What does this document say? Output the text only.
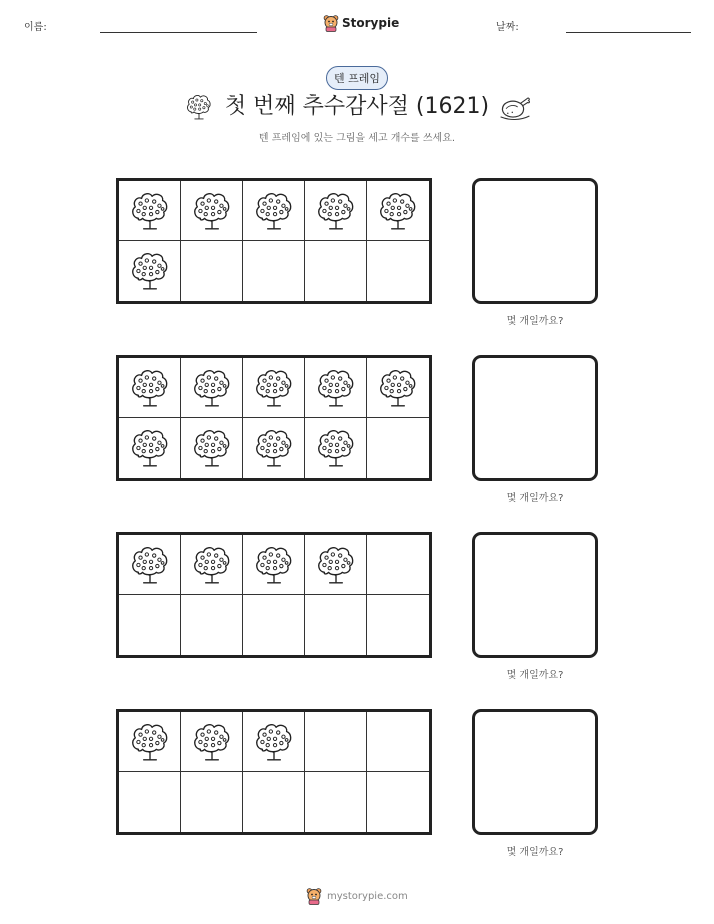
이름:	Storypie	날짜:
텐 프레임
첫 번째 추수감사절 (1621)
텐 프레임에 있는 그림을 세고 개수를 쓰세요.
몇 개일까요?
몇 개일까요?
몇 개일까요?
몇 개일까요?
mystorypie.com
